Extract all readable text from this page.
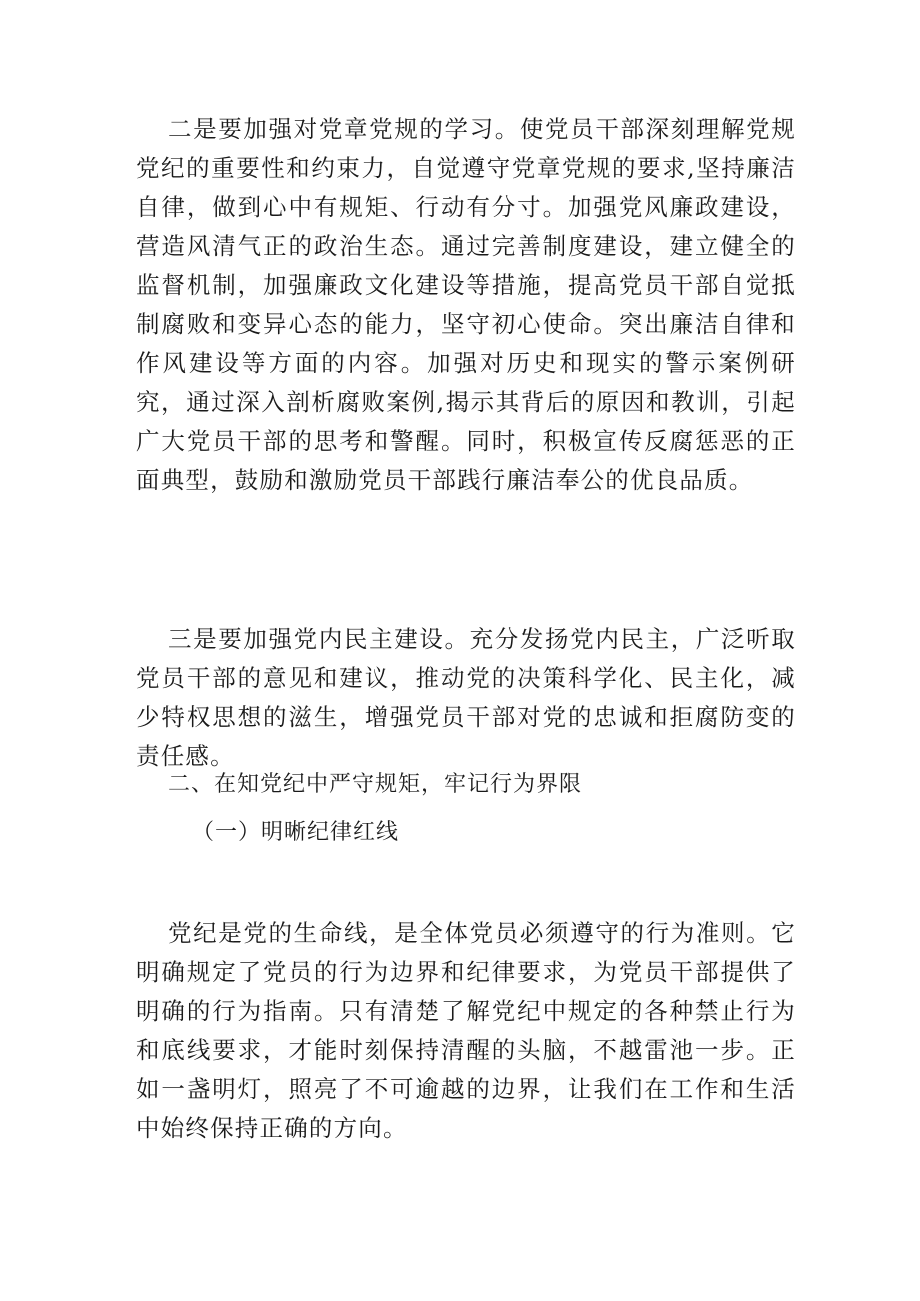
二是要加强对党章党规的学习。使党员干部深刻理解党规党纪的重要性和约束力，自觉遵守党章党规的要求,坚持廉洁自律，做到心中有规矩、行动有分寸。加强党风廉政建设，营造风清气正的政治生态。通过完善制度建设，建立健全的监督机制，加强廉政文化建设等措施，提高党员干部自觉抵制腐败和变异心态的能力，坚守初心使命。突出廉洁自律和作风建设等方面的内容。加强对历史和现实的警示案例研究，通过深入剖析腐败案例,揭示其背后的原因和教训，引起广大党员干部的思考和警醒。同时，积极宣传反腐惩恶的正面典型，鼓励和激励党员干部践行廉洁奉公的优良品质。

三是要加强党内民主建设。充分发扬党内民主，广泛听取党员干部的意见和建议，推动党的决策科学化、民主化，减少特权思想的滋生，增强党员干部对党的忠诚和拒腐防变的责任感。

二、在知党纪中严守规矩，牢记行为界限

（一）明晰纪律红线

党纪是党的生命线，是全体党员必须遵守的行为准则。它明确规定了党员的行为边界和纪律要求，为党员干部提供了明确的行为指南。只有清楚了解党纪中规定的各种禁止行为和底线要求，才能时刻保持清醒的头脑，不越雷池一步。正如一盏明灯，照亮了不可逾越的边界，让我们在工作和生活中始终保持正确的方向。
